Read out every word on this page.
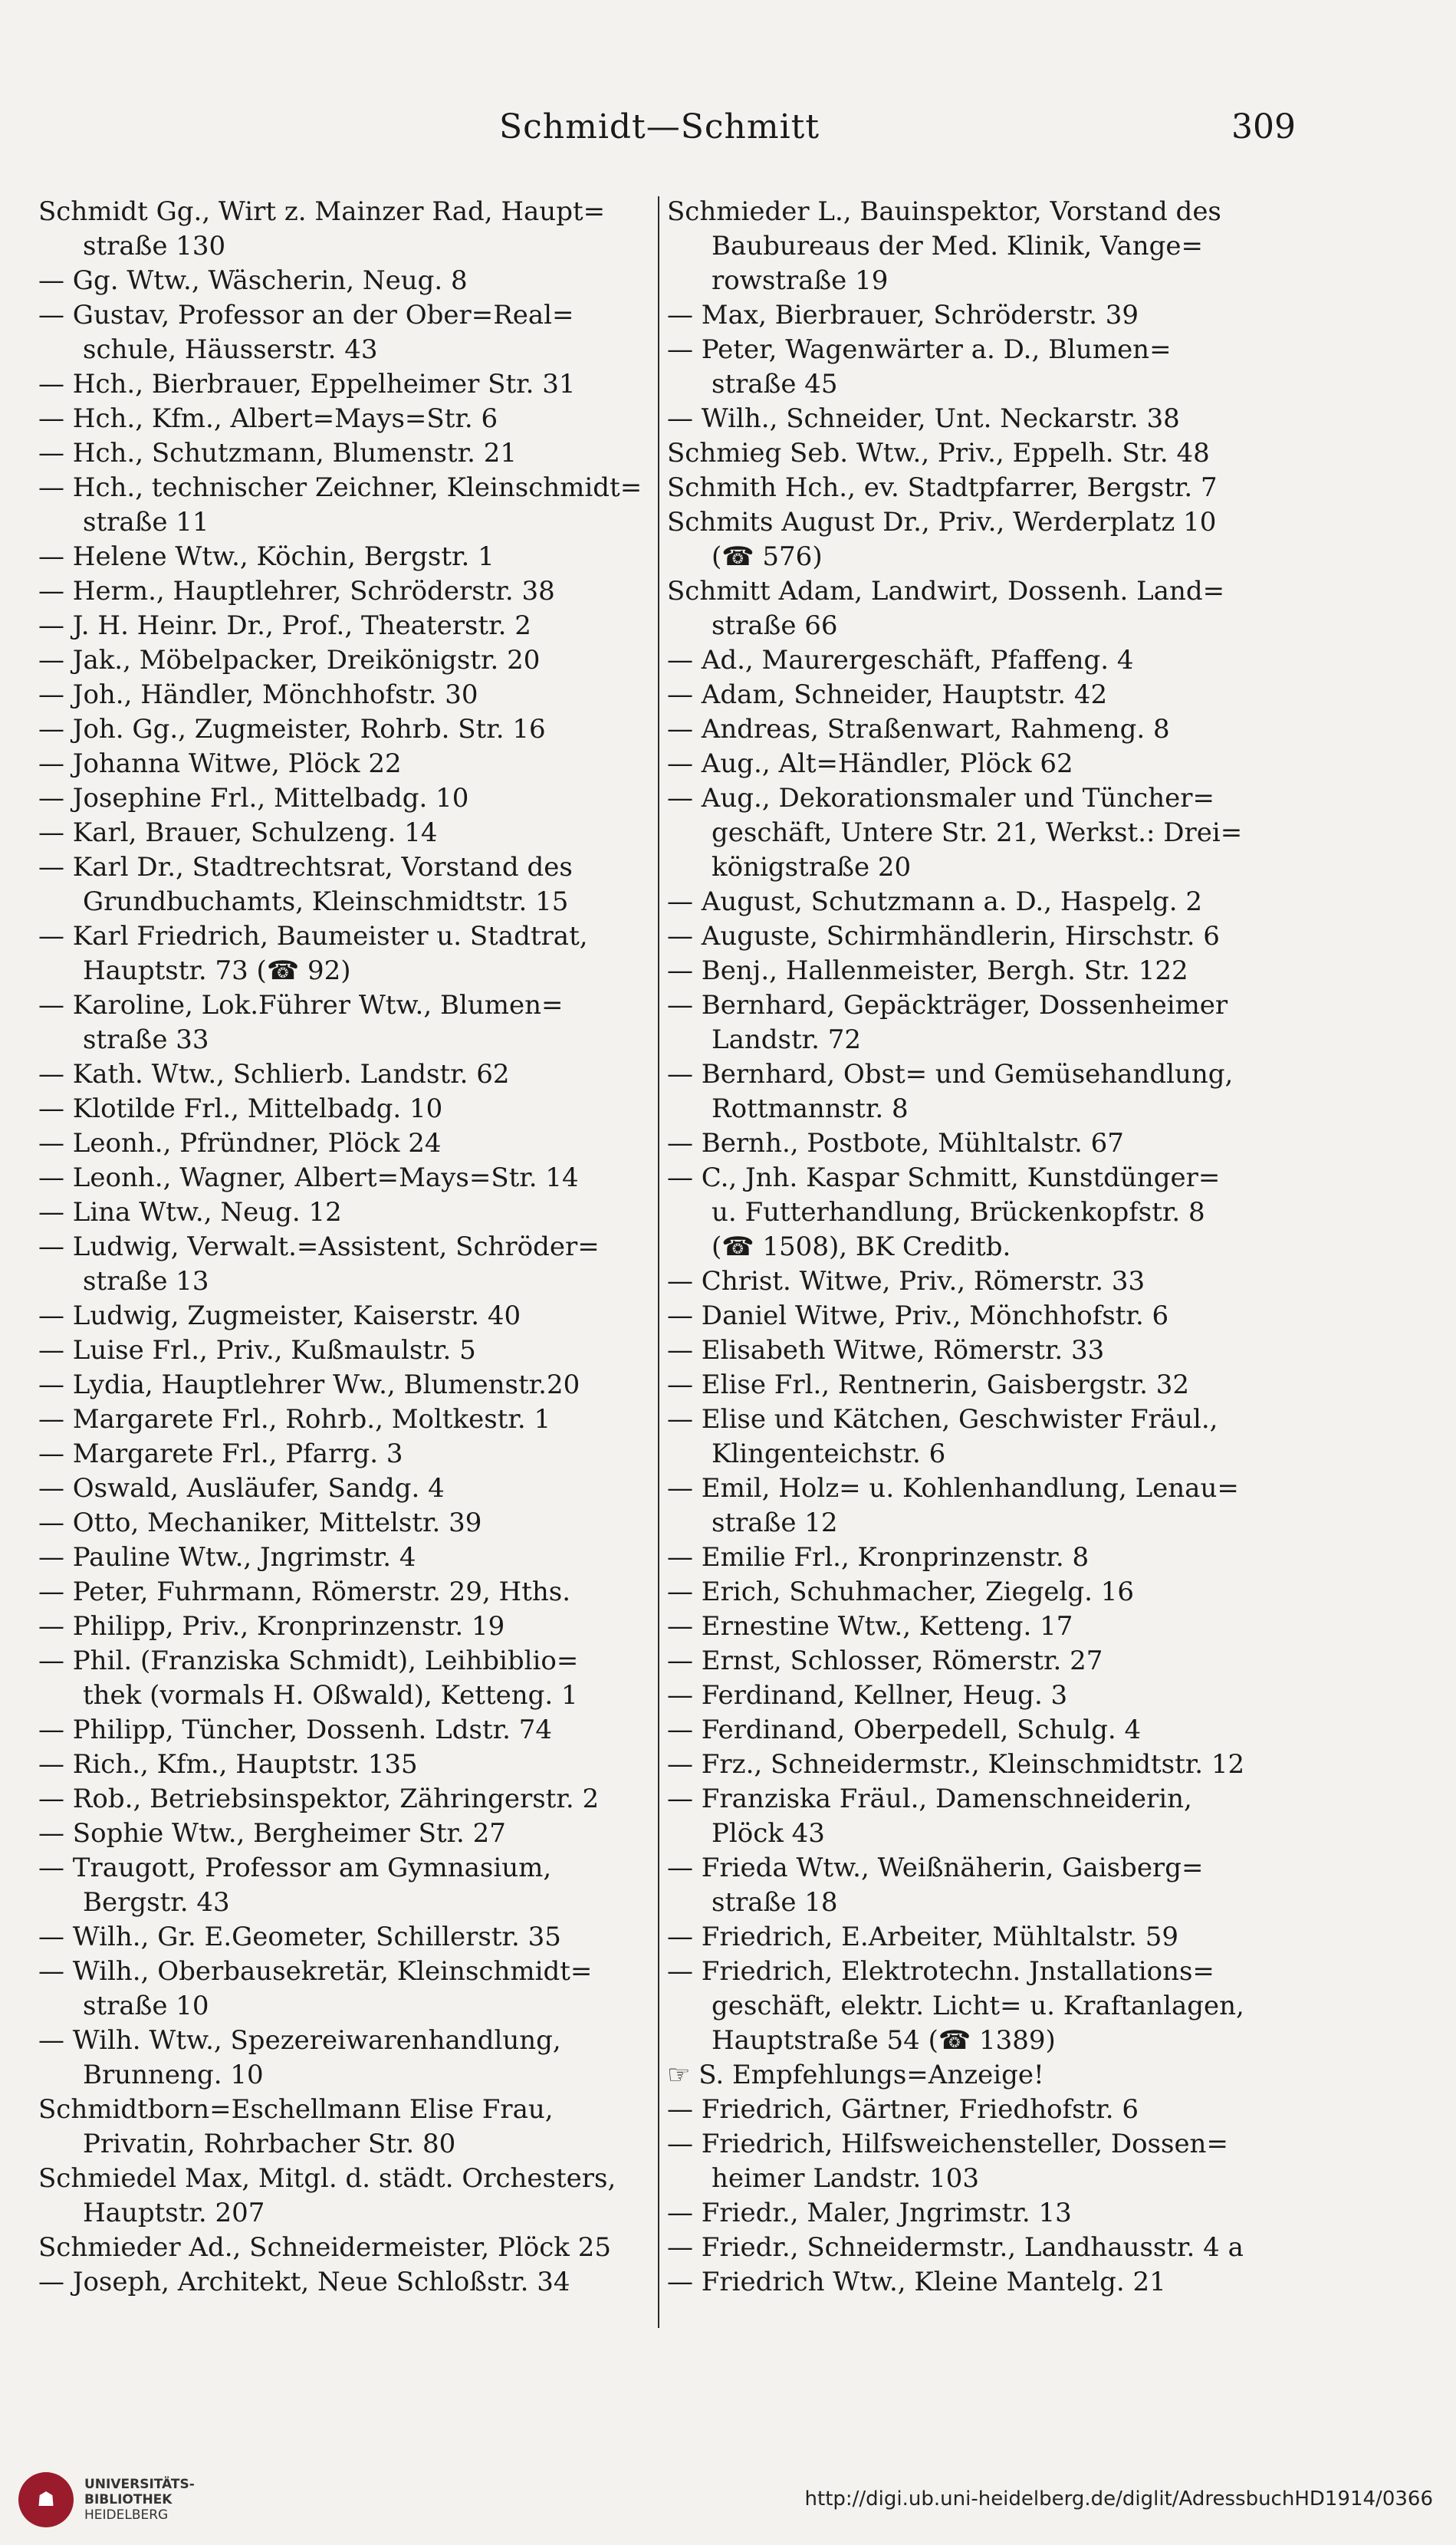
Schmidt—Schmitt	309
Schmidt Gg., Wirt z. Mainzer Rad, Haupt=
straße 130
— Gg. Wtw., Wäscherin, Neug. 8
— Gustav, Professor an der Ober=Real=
schule, Häusserstr. 43
— Hch., Bierbrauer, Eppelheimer Str. 31
— Hch., Kfm., Albert=Mays=Str. 6
— Hch., Schutzmann, Blumenstr. 21
— Hch., technischer Zeichner, Kleinschmidt=
straße 11
— Helene Wtw., Köchin, Bergstr. 1
— Herm., Hauptlehrer, Schröderstr. 38
— J. H. Heinr. Dr., Prof., Theaterstr. 2
— Jak., Möbelpacker, Dreikönigstr. 20
— Joh., Händler, Mönchhofstr. 30
— Joh. Gg., Zugmeister, Rohrb. Str. 16
— Johanna Witwe, Plöck 22
— Josephine Frl., Mittelbadg. 10
— Karl, Brauer, Schulzeng. 14
— Karl Dr., Stadtrechtsrat, Vorstand des
Grundbuchamts, Kleinschmidtstr. 15
— Karl Friedrich, Baumeister u. Stadtrat,
Hauptstr. 73 (☎ 92)
— Karoline, Lok.Führer Wtw., Blumen=
straße 33
— Kath. Wtw., Schlierb. Landstr. 62
— Klotilde Frl., Mittelbadg. 10
— Leonh., Pfründner, Plöck 24
— Leonh., Wagner, Albert=Mays=Str. 14
— Lina Wtw., Neug. 12
— Ludwig, Verwalt.=Assistent, Schröder=
straße 13
— Ludwig, Zugmeister, Kaiserstr. 40
— Luise Frl., Priv., Kußmaulstr. 5
— Lydia, Hauptlehrer Ww., Blumenstr.20
— Margarete Frl., Rohrb., Moltkestr. 1
— Margarete Frl., Pfarrg. 3
— Oswald, Ausläufer, Sandg. 4
— Otto, Mechaniker, Mittelstr. 39
— Pauline Wtw., Jngrimstr. 4
— Peter, Fuhrmann, Römerstr. 29, Hths.
— Philipp, Priv., Kronprinzenstr. 19
— Phil. (Franziska Schmidt), Leihbiblio=
thek (vormals H. Oßwald), Ketteng. 1
— Philipp, Tüncher, Dossenh. Ldstr. 74
— Rich., Kfm., Hauptstr. 135
— Rob., Betriebsinspektor, Zähringerstr. 2
— Sophie Wtw., Bergheimer Str. 27
— Traugott, Professor am Gymnasium,
Bergstr. 43
— Wilh., Gr. E.Geometer, Schillerstr. 35
— Wilh., Oberbausekretär, Kleinschmidt=
straße 10
— Wilh. Wtw., Spezereiwarenhandlung,
Brunneng. 10
Schmidtborn=Eschellmann Elise Frau,
Privatin, Rohrbacher Str. 80
Schmiedel Max, Mitgl. d. städt. Orchesters,
Hauptstr. 207
Schmieder Ad., Schneidermeister, Plöck 25
— Joseph, Architekt, Neue Schloßstr. 34
Schmieder L., Bauinspektor, Vorstand des
Baubureaus der Med. Klinik, Vange=
rowstraße 19
— Max, Bierbrauer, Schröderstr. 39
— Peter, Wagenwärter a. D., Blumen=
straße 45
— Wilh., Schneider, Unt. Neckarstr. 38
Schmieg Seb. Wtw., Priv., Eppelh. Str. 48
Schmith Hch., ev. Stadtpfarrer, Bergstr. 7
Schmits August Dr., Priv., Werderplatz 10
(☎ 576)
Schmitt Adam, Landwirt, Dossenh. Land=
straße 66
— Ad., Maurergeschäft, Pfaffeng. 4
— Adam, Schneider, Hauptstr. 42
— Andreas, Straßenwart, Rahmeng. 8
— Aug., Alt=Händler, Plöck 62
— Aug., Dekorationsmaler und Tüncher=
geschäft, Untere Str. 21, Werkst.: Drei=
königstraße 20
— August, Schutzmann a. D., Haspelg. 2
— Auguste, Schirmhändlerin, Hirschstr. 6
— Benj., Hallenmeister, Bergh. Str. 122
— Bernhard, Gepäckträger, Dossenheimer
Landstr. 72
— Bernhard, Obst= und Gemüsehandlung,
Rottmannstr. 8
— Bernh., Postbote, Mühltalstr. 67
— C., Jnh. Kaspar Schmitt, Kunstdünger=
u. Futterhandlung, Brückenkopfstr. 8
(☎ 1508), BK Creditb.
— Christ. Witwe, Priv., Römerstr. 33
— Daniel Witwe, Priv., Mönchhofstr. 6
— Elisabeth Witwe, Römerstr. 33
— Elise Frl., Rentnerin, Gaisbergstr. 32
— Elise und Kätchen, Geschwister Fräul.,
Klingenteichstr. 6
— Emil, Holz= u. Kohlenhandlung, Lenau=
straße 12
— Emilie Frl., Kronprinzenstr. 8
— Erich, Schuhmacher, Ziegelg. 16
— Ernestine Wtw., Ketteng. 17
— Ernst, Schlosser, Römerstr. 27
— Ferdinand, Kellner, Heug. 3
— Ferdinand, Oberpedell, Schulg. 4
— Frz., Schneidermstr., Kleinschmidtstr. 12
— Franziska Fräul., Damenschneiderin,
Plöck 43
— Frieda Wtw., Weißnäherin, Gaisberg=
straße 18
— Friedrich, E.Arbeiter, Mühltalstr. 59
— Friedrich, Elektrotechn. Jnstallations=
geschäft, elektr. Licht= u. Kraftanlagen,
Hauptstraße 54 (☎ 1389)
☞ S. Empfehlungs=Anzeige!
— Friedrich, Gärtner, Friedhofstr. 6
— Friedrich, Hilfsweichensteller, Dossen=
heimer Landstr. 103
— Friedr., Maler, Jngrimstr. 13
— Friedr., Schneidermstr., Landhausstr. 4 a
— Friedrich Wtw., Kleine Mantelg. 21
☗
UNIVERSITÄTS-
BIBLIOTHEK
HEIDELBERG
http://digi.ub.uni-heidelberg.de/diglit/AdressbuchHD1914/0366
